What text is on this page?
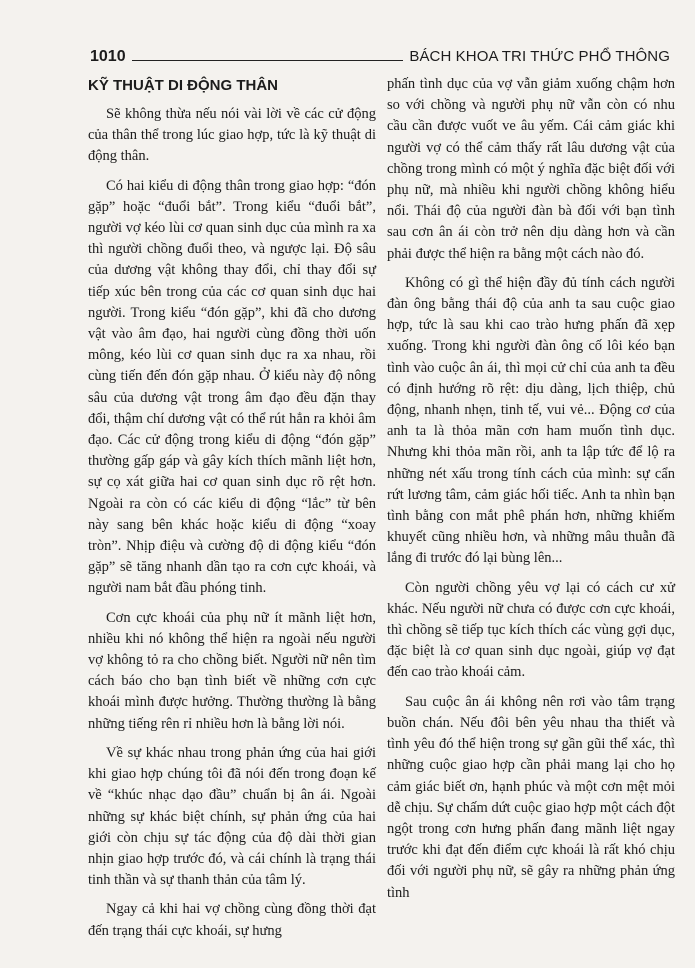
1010	BÁCH KHOA TRI THỨC PHỔ THÔNG
KỸ THUẬT DI ĐỘNG THÂN

Sẽ không thừa nếu nói vài lời về các cử động của thân thể trong lúc giao hợp, tức là kỹ thuật di động thân.

Có hai kiểu di động thân trong giao hợp: “đón gặp” hoặc “đuổi bắt”. Trong kiểu “đuổi bắt”, người vợ kéo lùi cơ quan sinh dục của mình ra xa thì người chồng đuổi theo, và ngược lại. Độ sâu của dương vật không thay đổi, chỉ thay đổi sự tiếp xúc bên trong của các cơ quan sinh dục hai người. Trong kiểu “đón gặp”, khi đã cho dương vật vào âm đạo, hai người cùng đồng thời uốn mông, kéo lùi cơ quan sinh dục ra xa nhau, rồi cùng tiến đến đón gặp nhau. Ở kiểu này độ nông sâu của dương vật trong âm đạo đều đặn thay đổi, thậm chí dương vật có thể rút hẳn ra khỏi âm đạo. Các cử động trong kiểu di động “đón gặp” thường gấp gáp và gây kích thích mãnh liệt hơn, sự cọ xát giữa hai cơ quan sinh dục rõ rệt hơn. Ngoài ra còn có các kiểu di động “lắc” từ bên này sang bên khác hoặc kiểu di động “xoay tròn”. Nhịp điệu và cường độ di động kiểu “đón gặp” sẽ tăng nhanh dần tạo ra cơn cực khoái, và người nam bắt đầu phóng tinh.

Cơn cực khoái của phụ nữ ít mãnh liệt hơn, nhiều khi nó không thể hiện ra ngoài nếu người vợ không tỏ ra cho chồng biết. Người nữ nên tìm cách báo cho bạn tình biết về những cơn cực khoái mình được hưởng. Thường thường là bằng những tiếng rên rỉ nhiều hơn là bằng lời nói.

Về sự khác nhau trong phản ứng của hai giới khi giao hợp chúng tôi đã nói đến trong đoạn kế về “khúc nhạc dạo đầu” chuẩn bị ân ái. Ngoài những sự khác biệt chính, sự phản ứng của hai giới còn chịu sự tác động của độ dài thời gian nhịn giao hợp trước đó, và cái chính là trạng thái tinh thần và sự thanh thản của tâm lý.

Ngay cả khi hai vợ chồng cùng đồng thời đạt đến trạng thái cực khoái, sự hưng

phấn tình dục của vợ vẫn giảm xuống chậm hơn so với chồng và người phụ nữ vẫn còn có nhu cầu cần được vuốt ve âu yếm. Cái cảm giác khi người vợ có thể cảm thấy rất lâu dương vật của chồng trong mình có một ý nghĩa đặc biệt đối với phụ nữ, mà nhiều khi người chồng không hiểu nổi. Thái độ của người đàn bà đối với bạn tình sau cơn ân ái còn trở nên dịu dàng hơn và cần phải được thể hiện ra bằng một cách nào đó.

Không có gì thể hiện đầy đủ tính cách người đàn ông bằng thái độ của anh ta sau cuộc giao hợp, tức là sau khi cao trào hưng phấn đã xẹp xuống. Trong khi người đàn ông cố lôi kéo bạn tình vào cuộc ân ái, thì mọi cử chỉ của anh ta đều có định hướng rõ rệt: dịu dàng, lịch thiệp, chủ động, nhanh nhẹn, tinh tế, vui vẻ... Động cơ của anh ta là thỏa mãn cơn ham muốn tình dục. Nhưng khi thỏa mãn rồi, anh ta lập tức để lộ ra những nét xấu trong tính cách của mình: sự cẩn rứt lương tâm, cảm giác hối tiếc. Anh ta nhìn bạn tình bằng con mắt phê phán hơn, những khiếm khuyết cũng nhiều hơn, và những mâu thuẫn đã lắng đi trước đó lại bùng lên...

Còn người chồng yêu vợ lại có cách cư xử khác. Nếu người nữ chưa có được cơn cực khoái, thì chồng sẽ tiếp tục kích thích các vùng gợi dục, đặc biệt là cơ quan sinh dục ngoài, giúp vợ đạt đến cao trào khoái cảm.

Sau cuộc ân ái không nên rơi vào tâm trạng buồn chán. Nếu đôi bên yêu nhau tha thiết và tình yêu đó thể hiện trong sự gần gũi thể xác, thì những cuộc giao hợp cần phải mang lại cho họ cảm giác biết ơn, hạnh phúc và một cơn mệt mỏi dễ chịu. Sự chấm dứt cuộc giao hợp một cách đột ngột trong cơn hưng phấn đang mãnh liệt ngay trước khi đạt đến điểm cực khoái là rất khó chịu đối với người phụ nữ, sẽ gây ra những phản ứng tình
